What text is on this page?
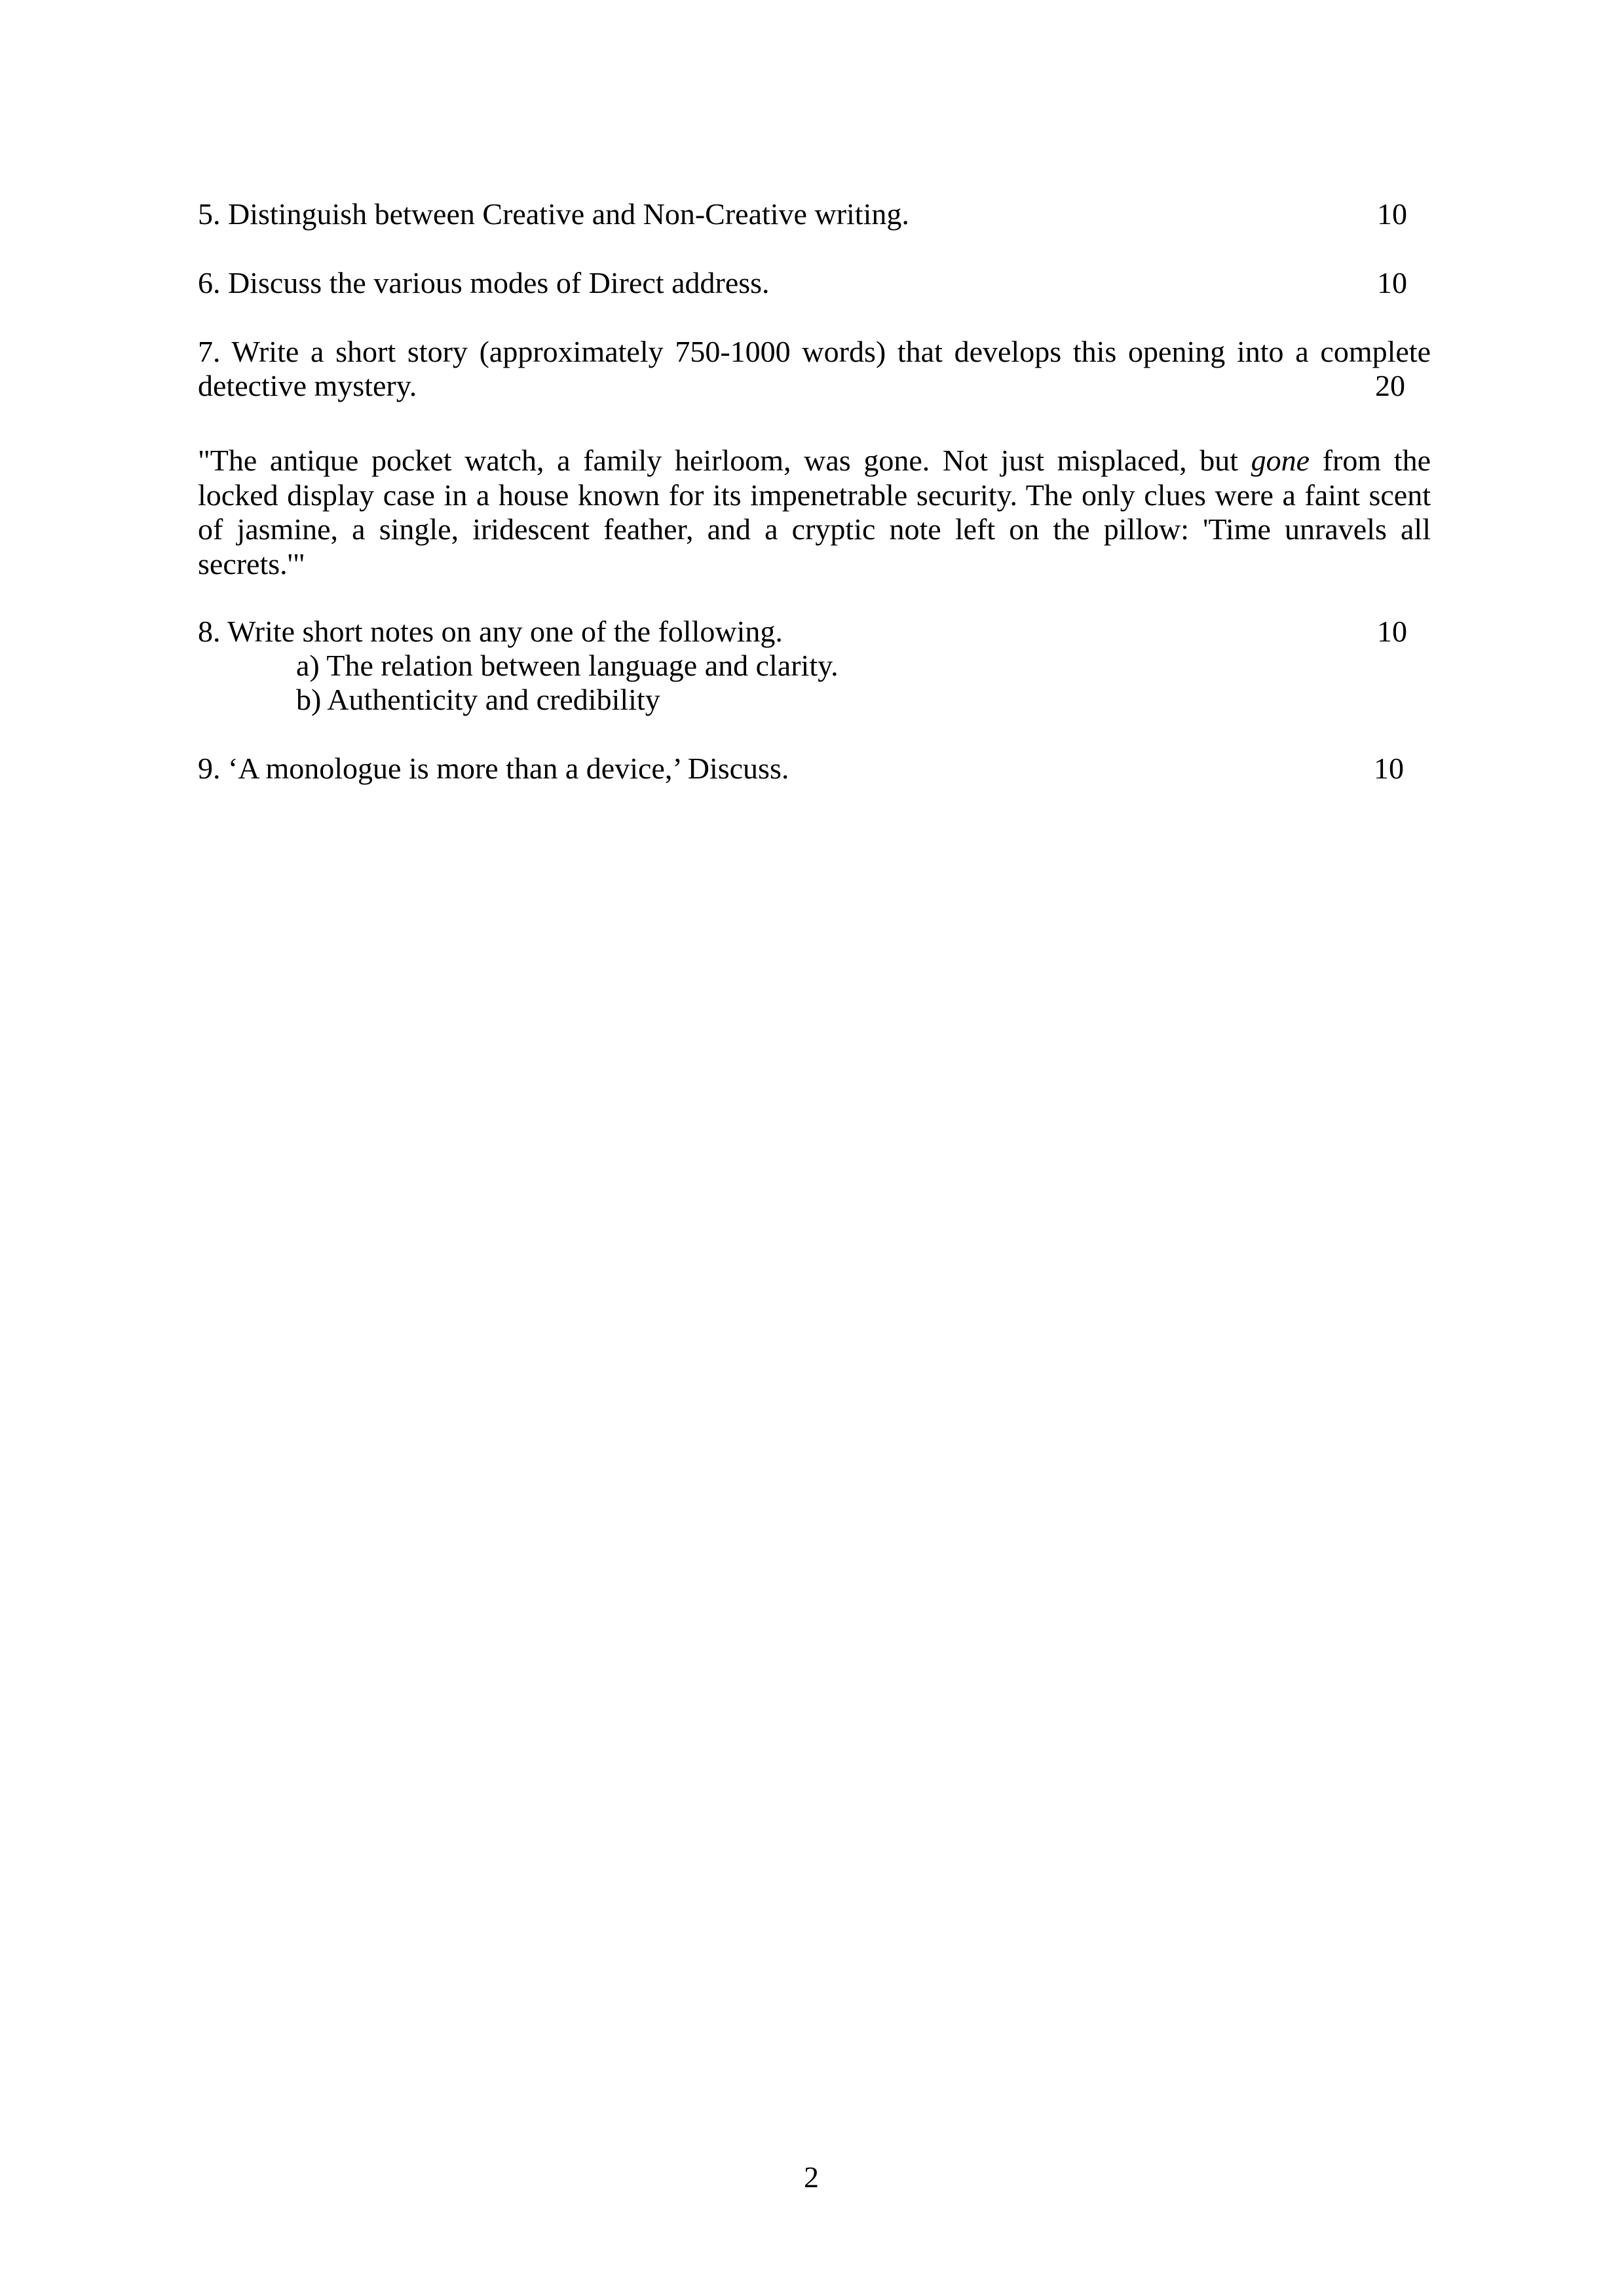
5. Distinguish between Creative and Non-Creative writing.	10
6. Discuss the various modes of Direct address.	10
7. Write a short story (approximately 750-1000 words) that develops this opening into a complete
detective mystery.	20
"The antique pocket watch, a family heirloom, was gone. Not just misplaced, but gone from the locked display case in a house known for its impenetrable security. The only clues were a faint scent of jasmine, a single, iridescent feather, and a cryptic note left on the pillow: 'Time unravels all secrets.'"
8. Write short notes on any one of the following.	10
a) The relation between language and clarity.
b) Authenticity and credibility
9. ‘A monologue is more than a device,’ Discuss.	10
2
